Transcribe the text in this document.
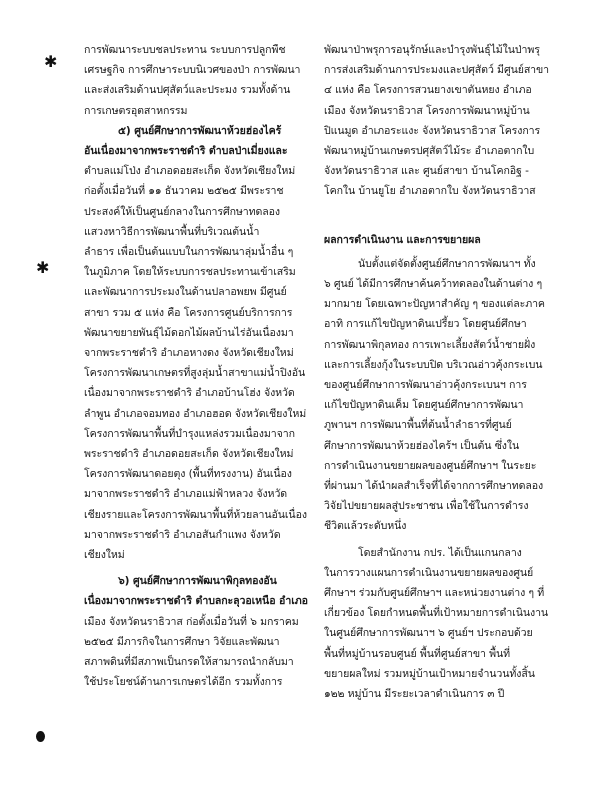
✱
✱
การพัฒนาระบบชลประทาน ระบบการปลูกพืช
เศรษฐกิจ การศึกษาระบบนิเวศของป่า การพัฒนา
และส่งเสริมด้านปศุสัตว์และประมง รวมทั้งด้าน
การเกษตรอุตสาหกรรม
๕) ศูนย์ศึกษาการพัฒนาห้วยฮ่องไคร้
อันเนื่องมาจากพระราชดำริ ตำบลป่าเมี่ยงและ
ตำบลแม่โป่ง อำเภอดอยสะเก็ด จังหวัดเชียงใหม่
ก่อตั้งเมื่อวันที่ ๑๑ ธันวาคม ๒๕๒๕ มีพระราช
ประสงค์ให้เป็นศูนย์กลางในการศึกษาทดลอง
แสวงหาวิธีการพัฒนาพื้นที่บริเวณต้นน้ำ
ลำธาร เพื่อเป็นต้นแบบในการพัฒนาลุ่มน้ำอื่น ๆ
ในภูมิภาค โดยให้ระบบการชลประทานเข้าเสริม
และพัฒนาการประมงในด้านปลาอพยพ มีศูนย์
สาขา รวม ๕ แห่ง คือ โครงการศูนย์บริการการ
พัฒนาขยายพันธุ์ไม้ดอกไม้ผลบ้านไร่อันเนื่องมา
จากพระราชดำริ อำเภอหางดง จังหวัดเชียงใหม่
โครงการพัฒนาเกษตรที่สูงลุ่มน้ำสาขาแม่น้ำปิงอัน
เนื่องมาจากพระราชดำริ อำเภอบ้านโฮ่ง จังหวัด
ลำพูน อำเภอจอมทอง อำเภอฮอด จังหวัดเชียงใหม่
โครงการพัฒนาพื้นที่บำรุงแหล่งรวมเนื่องมาจาก
พระราชดำริ อำเภอดอยสะเก็ด จังหวัดเชียงใหม่
โครงการพัฒนาดอยตุง (พื้นที่ทรงงาน) อันเนื่อง
มาจากพระราชดำริ อำเภอแม่ฟ้าหลวง จังหวัด
เชียงรายและโครงการพัฒนาพื้นที่ห้วยลานอันเนื่อง
มาจากพระราชดำริ อำเภอสันกำแพง จังหวัด
เชียงใหม่
๖) ศูนย์ศึกษาการพัฒนาพิกุลทองอัน
เนื่องมาจากพระราชดำริ ตำบลกะลุวอเหนือ อำเภอ
เมือง จังหวัดนราธิวาส ก่อตั้งเมื่อวันที่ ๖ มกราคม
๒๕๒๕ มีภารกิจในการศึกษา วิจัยและพัฒนา
สภาพดินที่มีสภาพเป็นกรดให้สามารถนำกลับมา
ใช้ประโยชน์ด้านการเกษตรได้อีก รวมทั้งการ
พัฒนาป่าพรุการอนุรักษ์และบำรุงพันธุ์ไม้ในป่าพรุ
การส่งเสริมด้านการประมงและปศุสัตว์ มีศูนย์สาขา
๔ แห่ง คือ โครงการสวนยางเขาตันหยง อำเภอ
เมือง จังหวัดนราธิวาส โครงการพัฒนาหมู่บ้าน
ปิแนมูด อำเภอระแงะ จังหวัดนราธิวาส โครงการ
พัฒนาหมู่บ้านเกษตรปศุสัตว์ไม้ระ อำเภอตากใบ
จังหวัดนราธิวาส และ ศูนย์สาขา บ้านโคกอิฐ -
โคกใน บ้านยูโย อำเภอตากใบ จังหวัดนราธิวาส
ผลการดำเนินงาน และการขยายผล
นับตั้งแต่จัดตั้งศูนย์ศึกษาการพัฒนาฯ ทั้ง
๖ ศูนย์ ได้มีการศึกษาค้นคว้าทดลองในด้านต่าง ๆ
มากมาย โดยเฉพาะปัญหาสำคัญ ๆ ของแต่ละภาค
อาทิ การแก้ไขปัญหาดินเปรี้ยว โดยศูนย์ศึกษา
การพัฒนาพิกุลทอง การเพาะเลี้ยงสัตว์น้ำชายฝั่ง
และการเลี้ยงกุ้งในระบบปิด บริเวณอ่าวคุ้งกระเบน
ของศูนย์ศึกษาการพัฒนาอ่าวคุ้งกระเบนฯ การ
แก้ไขปัญหาดินเค็ม โดยศูนย์ศึกษาการพัฒนา
ภูพานฯ การพัฒนาพื้นที่ต้นน้ำลำธารที่ศูนย์
ศึกษาการพัฒนาห้วยฮ่องไคร้ฯ เป็นต้น ซึ่งใน
การดำเนินงานขยายผลของศูนย์ศึกษาฯ ในระยะ
ที่ผ่านมา ได้นำผลสำเร็จที่ได้จากการศึกษาทดลอง
วิจัยไปขยายผลสู่ประชาชน เพื่อใช้ในการดำรง
ชีวิตแล้วระดับหนึ่ง
โดยสำนักงาน กปร. ได้เป็นแกนกลาง
ในการวางแผนการดำเนินงานขยายผลของศูนย์
ศึกษาฯ ร่วมกับศูนย์ศึกษาฯ และหน่วยงานต่าง ๆ ที่
เกี่ยวข้อง โดยกำหนดพื้นที่เป้าหมายการดำเนินงาน
ในศูนย์ศึกษาการพัฒนาฯ ๖ ศูนย์ฯ ประกอบด้วย
พื้นที่หมู่บ้านรอบศูนย์ พื้นที่ศูนย์สาขา พื้นที่
ขยายผลใหม่ รวมหมู่บ้านเป้าหมายจำนวนทั้งสิ้น
๑๒๒ หมู่บ้าน มีระยะเวลาดำเนินการ ๓ ปี
